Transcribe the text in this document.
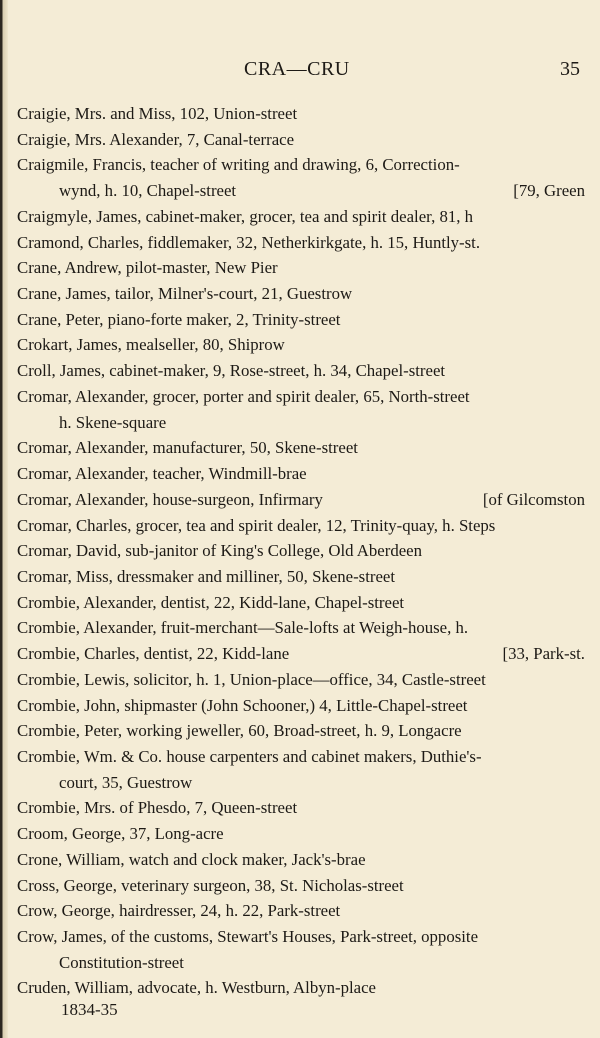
CRA—CRU	35
Craigie, Mrs. and Miss, 102, Union-street
Craigie, Mrs. Alexander, 7, Canal-terrace
Craigmile, Francis, teacher of writing and drawing, 6, Correction-
wynd, h. 10, Chapel-street	[79, Green
Craigmyle, James, cabinet-maker, grocer, tea and spirit dealer, 81, h
Cramond, Charles, fiddlemaker, 32, Netherkirkgate, h. 15, Huntly-st.
Crane, Andrew, pilot-master, New Pier
Crane, James, tailor, Milner's-court, 21, Guestrow
Crane, Peter, piano-forte maker, 2, Trinity-street
Crokart, James, mealseller, 80, Shiprow
Croll, James, cabinet-maker, 9, Rose-street, h. 34, Chapel-street
Cromar, Alexander, grocer, porter and spirit dealer, 65, North-street
h. Skene-square
Cromar, Alexander, manufacturer, 50, Skene-street
Cromar, Alexander, teacher, Windmill-brae
Cromar, Alexander, house-surgeon, Infirmary	[of Gilcomston
Cromar, Charles, grocer, tea and spirit dealer, 12, Trinity-quay, h. Steps
Cromar, David, sub-janitor of King's College, Old Aberdeen
Cromar, Miss, dressmaker and milliner, 50, Skene-street
Crombie, Alexander, dentist, 22, Kidd-lane, Chapel-street
Crombie, Alexander, fruit-merchant—Sale-lofts at Weigh-house, h.
Crombie, Charles, dentist, 22, Kidd-lane	[33, Park-st.
Crombie, Lewis, solicitor, h. 1, Union-place—office, 34, Castle-street
Crombie, John, shipmaster (John Schooner,) 4, Little-Chapel-street
Crombie, Peter, working jeweller, 60, Broad-street, h. 9, Longacre
Crombie, Wm. & Co. house carpenters and cabinet makers, Duthie's-
court, 35, Guestrow
Crombie, Mrs. of Phesdo, 7, Queen-street
Croom, George, 37, Long-acre
Crone, William, watch and clock maker, Jack's-brae
Cross, George, veterinary surgeon, 38, St. Nicholas-street
Crow, George, hairdresser, 24, h. 22, Park-street
Crow, James, of the customs, Stewart's Houses, Park-street, opposite
Constitution-street
Cruden, William, advocate, h. Westburn, Albyn-place
1834-35
